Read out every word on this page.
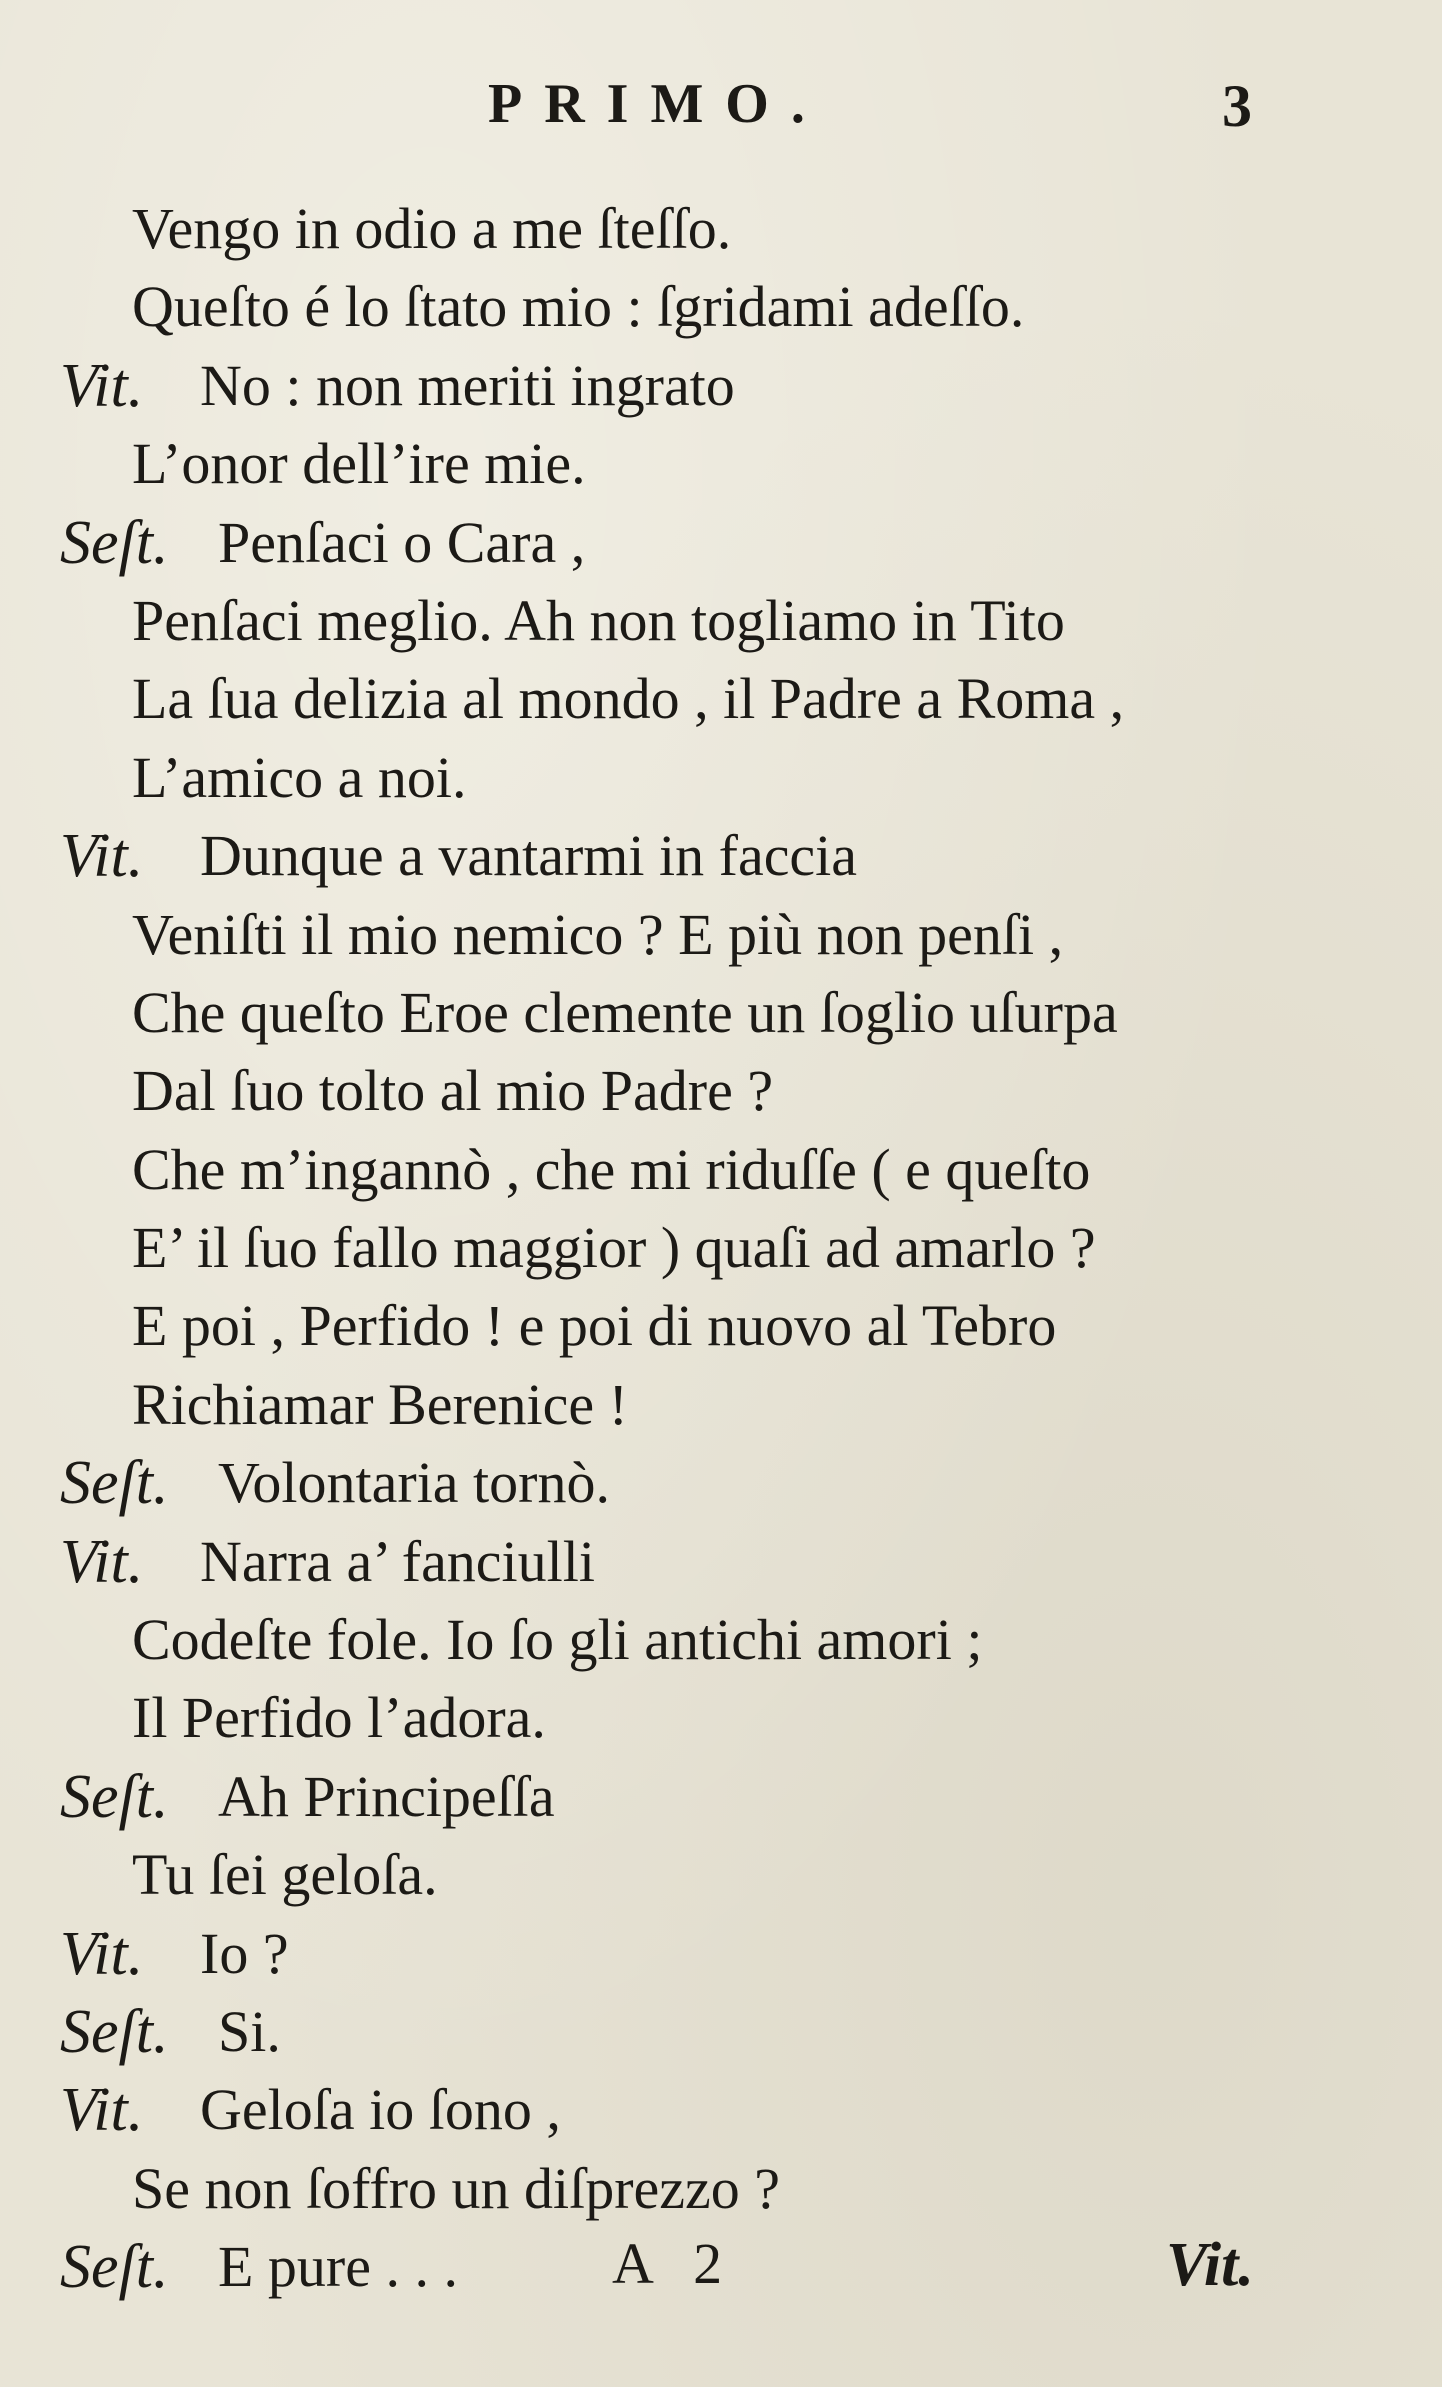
PRIMO.	3
Vengo in odio a me ſteſſo.
Queſto é lo ſtato mio : ſgridami adeſſo.
Vit. No : non meriti ingrato
L’onor dell’ire mie.
Seſt. Penſaci o Cara ,
Penſaci meglio. Ah non togliamo in Tito
La ſua delizia al mondo , il Padre a Roma ,
L’amico a noi.
Vit. Dunque a vantarmi in faccia
Veniſti il mio nemico ? E più non penſi ,
Che queſto Eroe clemente un ſoglio uſurpa
Dal ſuo tolto al mio Padre ?
Che m’ingannò , che mi riduſſe ( e queſto
E’ il ſuo fallo maggior ) quaſi ad amarlo ?
E poi , Perfido ! e poi di nuovo al Tebro
Richiamar Berenice !
Seſt. Volontaria tornò.
Vit. Narra a’ fanciulli
Codeſte fole. Io ſo gli antichi amori ;
Il Perfido l’adora.
Seſt. Ah Principeſſa
Tu ſei geloſa.
Vit. Io ?
Seſt. Si.
Vit. Geloſa io ſono ,
Se non ſoffro un diſprezzo ?
Seſt. E pure . . .	A 2	Vit.
